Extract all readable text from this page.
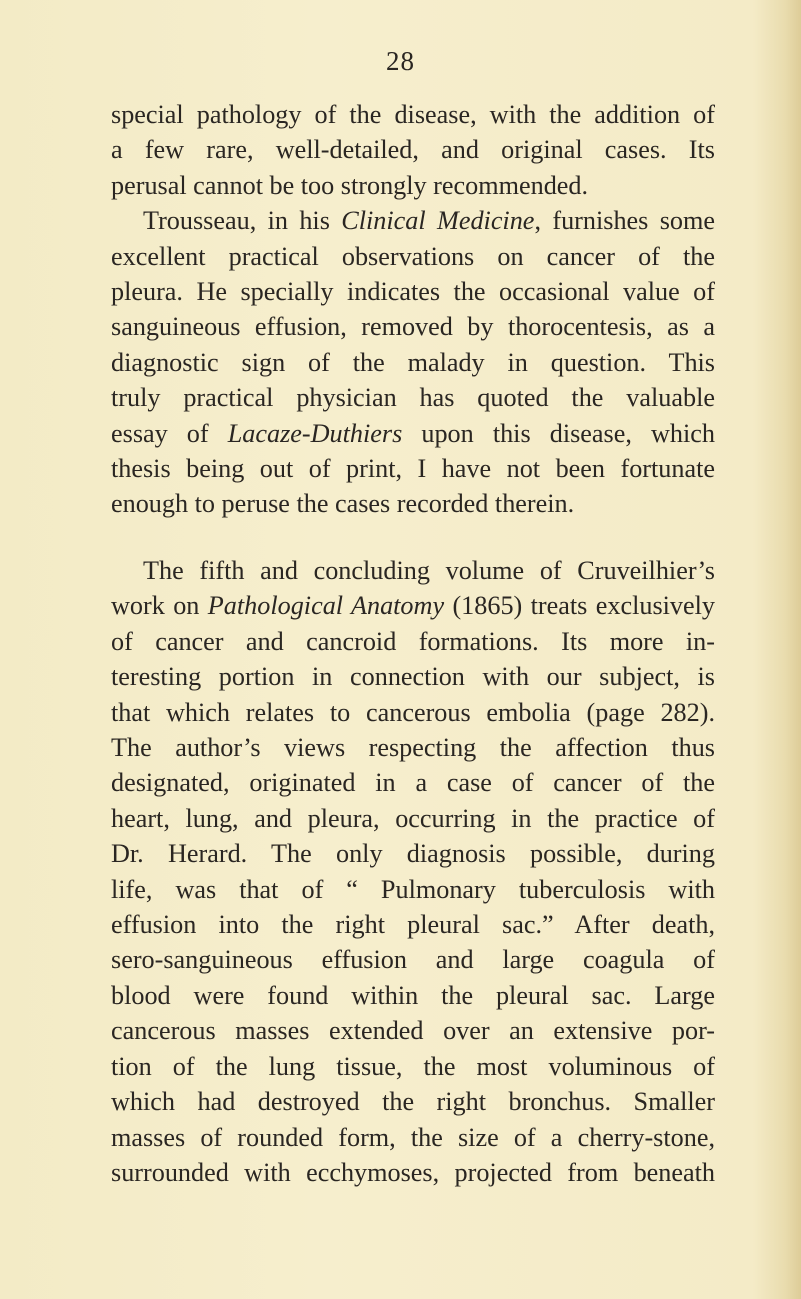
28
special pathology of the disease, with the addition of
a few rare, well-detailed, and original cases. Its
perusal cannot be too strongly recommended.
Trousseau, in his Clinical Medicine, furnishes some
excellent practical observations on cancer of the
pleura. He specially indicates the occasional value of
sanguineous effusion, removed by thorocentesis, as a
diagnostic sign of the malady in question. This
truly practical physician has quoted the valuable
essay of Lacaze-Duthiers upon this disease, which
thesis being out of print, I have not been fortunate
enough to peruse the cases recorded therein.
The fifth and concluding volume of Cruveilhier’s
work on Pathological Anatomy (1865) treats exclusively
of cancer and cancroid formations. Its more in-
teresting portion in connection with our subject, is
that which relates to cancerous embolia (page 282).
The author’s views respecting the affection thus
designated, originated in a case of cancer of the
heart, lung, and pleura, occurring in the practice of
Dr. Herard. The only diagnosis possible, during
life, was that of “ Pulmonary tuberculosis with
effusion into the right pleural sac.” After death,
sero-sanguineous effusion and large coagula of
blood were found within the pleural sac. Large
cancerous masses extended over an extensive por-
tion of the lung tissue, the most voluminous of
which had destroyed the right bronchus. Smaller
masses of rounded form, the size of a cherry-stone,
surrounded with ecchymoses, projected from beneath
